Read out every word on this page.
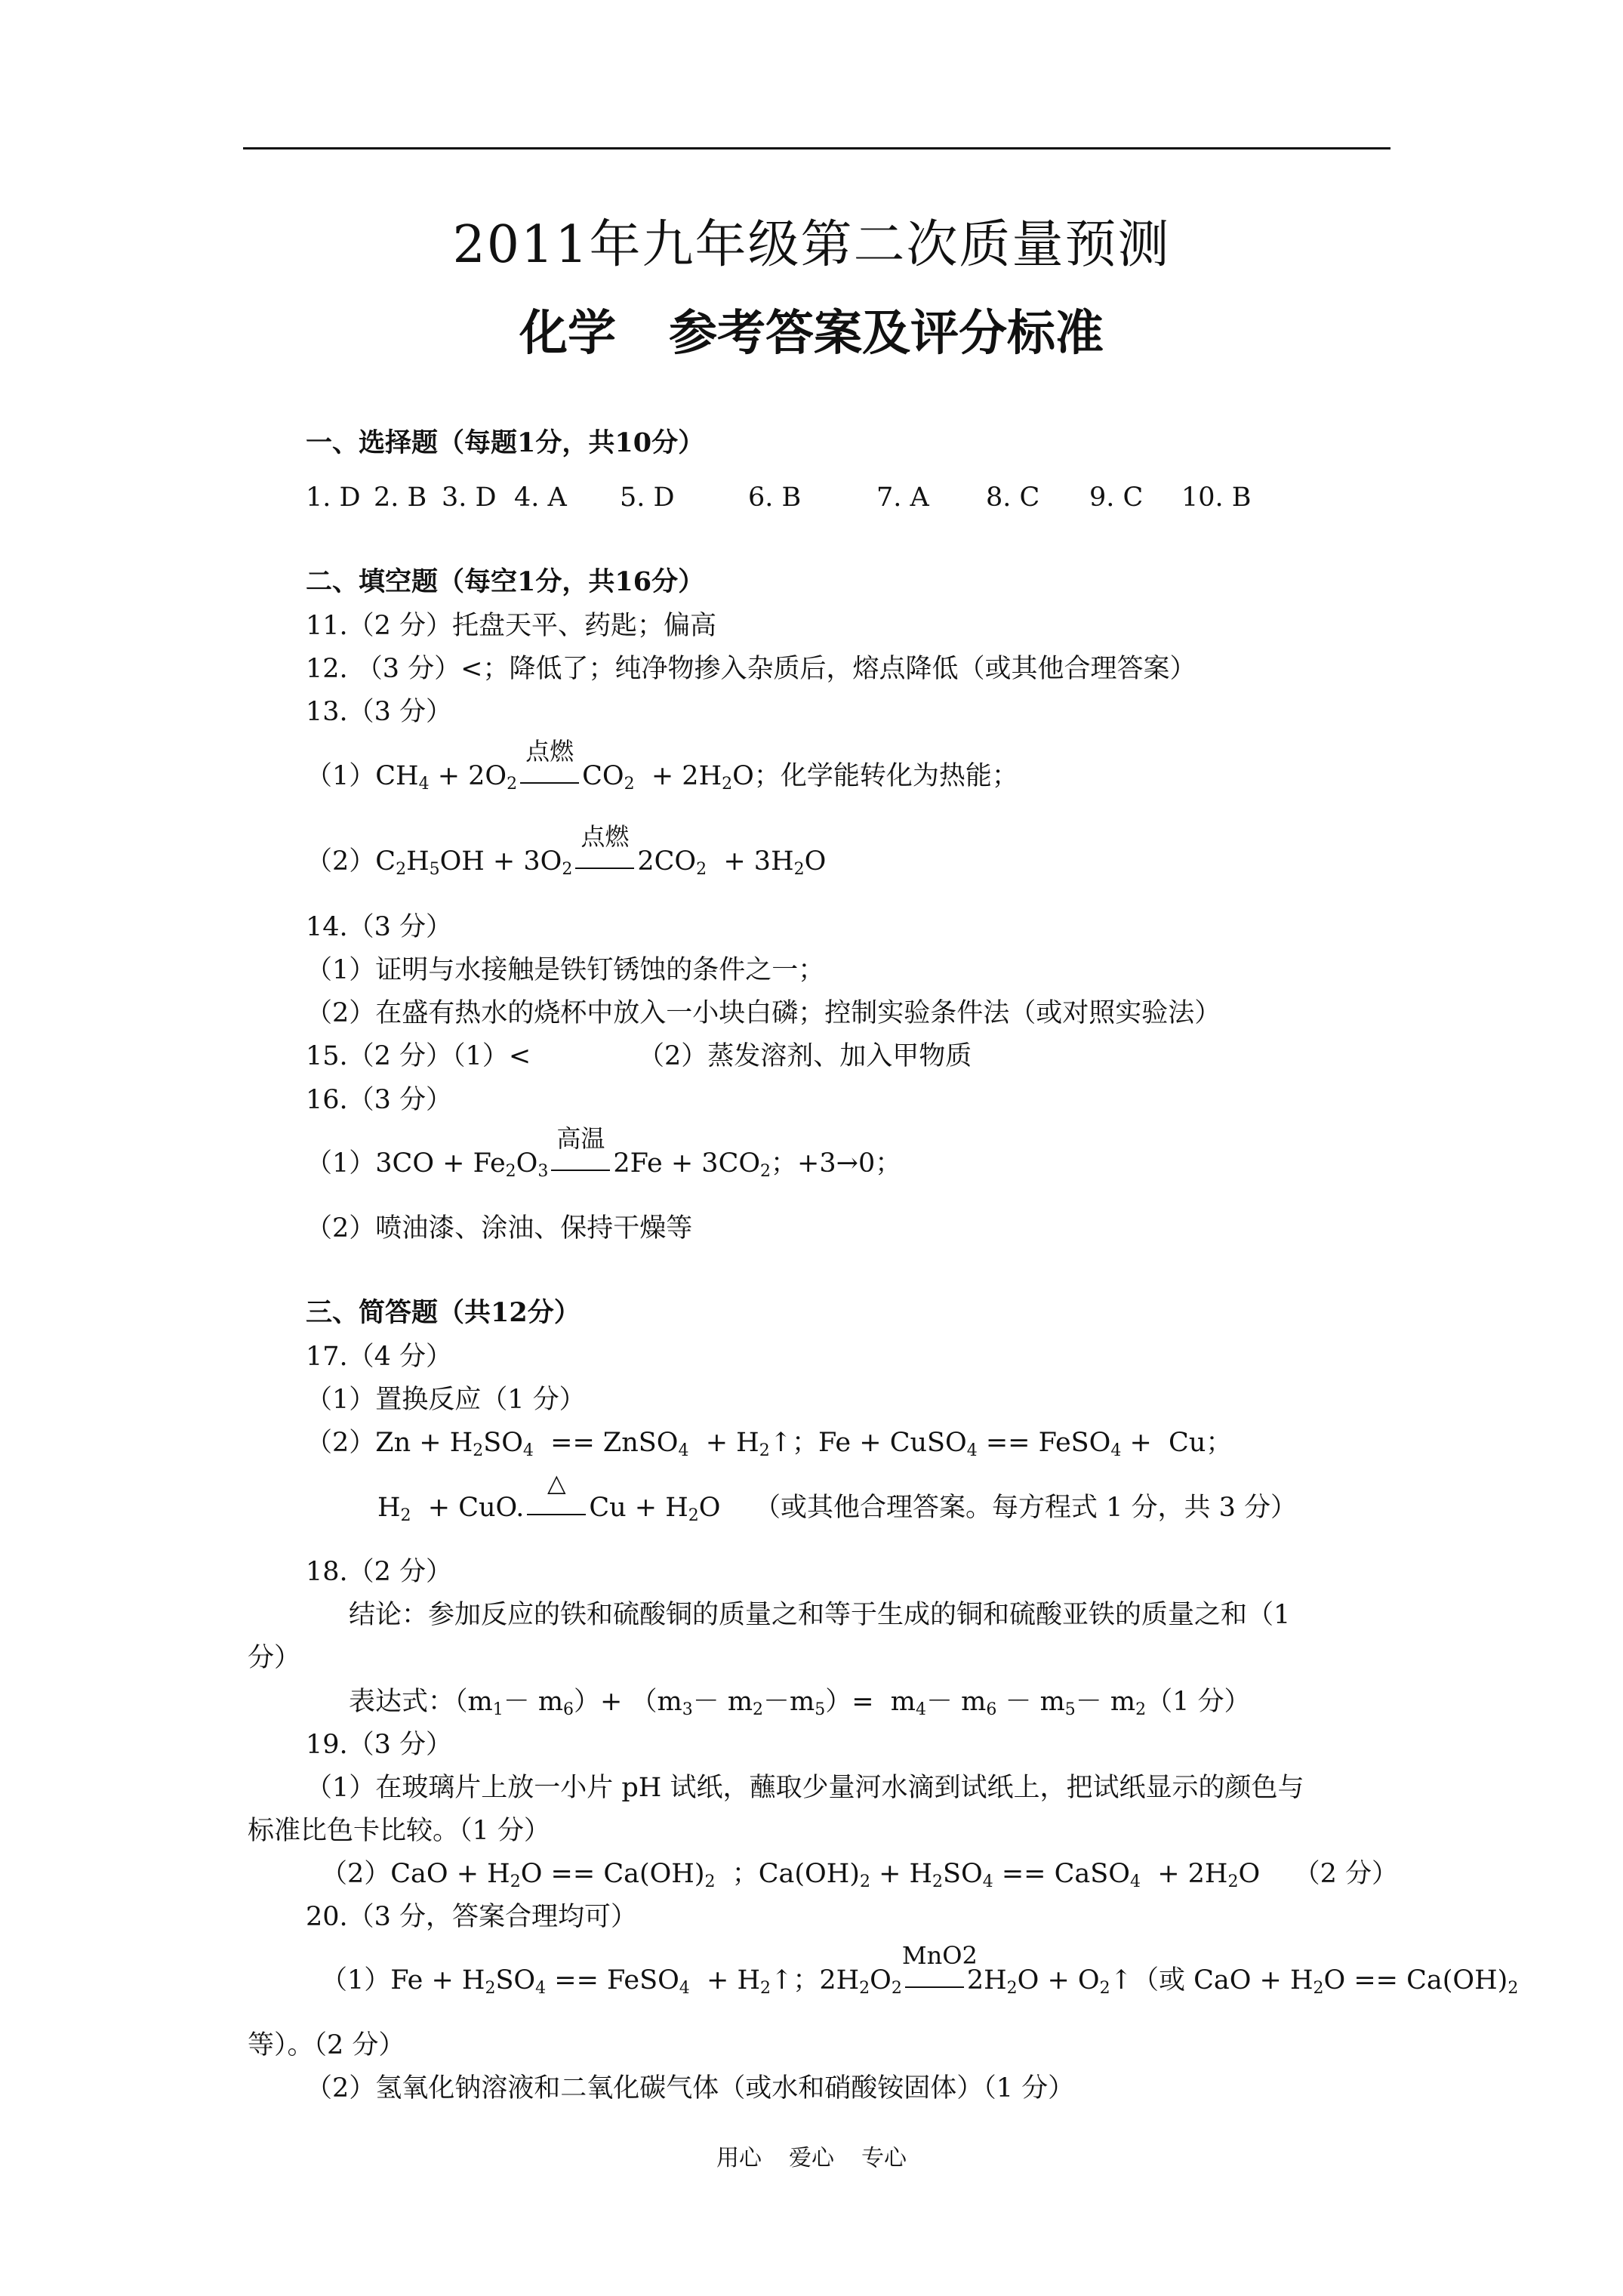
2011年九年级第二次质量预测
化学 参考答案及评分标准
一、选择题（每题1分，共10分）
1. D 2. B 3. D 4. A 5. D	6. B	7. A 8. C 9. C 10. B
二、填空题（每空1分，共16分）
11.（2 分）托盘天平、药匙；偏高
12. （3 分）<；降低了；纯净物掺入杂质后，熔点降低（或其他合理答案）
13.（3 分）
$(1)CH_4 + 2O_2$
点燃
$CO_2 + 2H_2O$；化学能转化为热能；
$(2)C_2H_5OH + 3O_2$
点燃
$2CO_2 + 3H_2O$
14.（3 分）
（1）证明与水接触是铁钉锈蚀的条件之一；
（2）在盛有热水的烧杯中放入一小块白磷；控制实验条件法（或对照实验法）
15.（2 分）（1）<	（2）蒸发溶剂、加入甲物质
16.（3 分）
$(1)3CO + Fe_2O_3$
高温
$2Fe + 3CO_2$；+3→0；
（2）喷油漆、涂油、保持干燥等
三、简答题（共12分）
17.（4 分）
（1）置换反应（1 分）
$(2)Zn + H_2SO_4$  == ZnSO$_4$  + $H_2↑$；Fe + CuSO$_4$ == FeSO$_4$ +  Cu；
$H_2$  + CuO.
△
$Cu + H_2O$    （或其他合理答案。每方程式 1 分，共 3 分）
18.（2 分）
结论：参加反应的铁和硫酸铜的质量之和等于生成的铜和硫酸亚铁的质量之和（1
分）
表达式：$(m_1- m_6)+ (m_3- m_2-m_5)= m_4- m_6 - m_5- m_2(1$ 分）
19.（3 分）
（1）在玻璃片上放一小片 pH 试纸，蘸取少量河水滴到试纸上，把试纸显示的颜色与
标准比色卡比较。（1 分）
$(2)CaO + H_2O == Ca(OH)_2$  ；$Ca(OH)_2 + H_2SO_4$ == CaSO$_4$  + $2H_2O$    （2 分）
20.（3 分，答案合理均可）
$(1)Fe + H_2SO_4$ == FeSO$_4$  + $H_2↑$；$2H_2O_2$
MnO2
$2H_2O$ + $O_2↑$（或 CaO + $H_2O == Ca(OH)_2$
等）。（2 分）
（2）氢氧化钠溶液和二氧化碳气体（或水和硝酸铵固体）（1 分）
用心 爱心 专心
